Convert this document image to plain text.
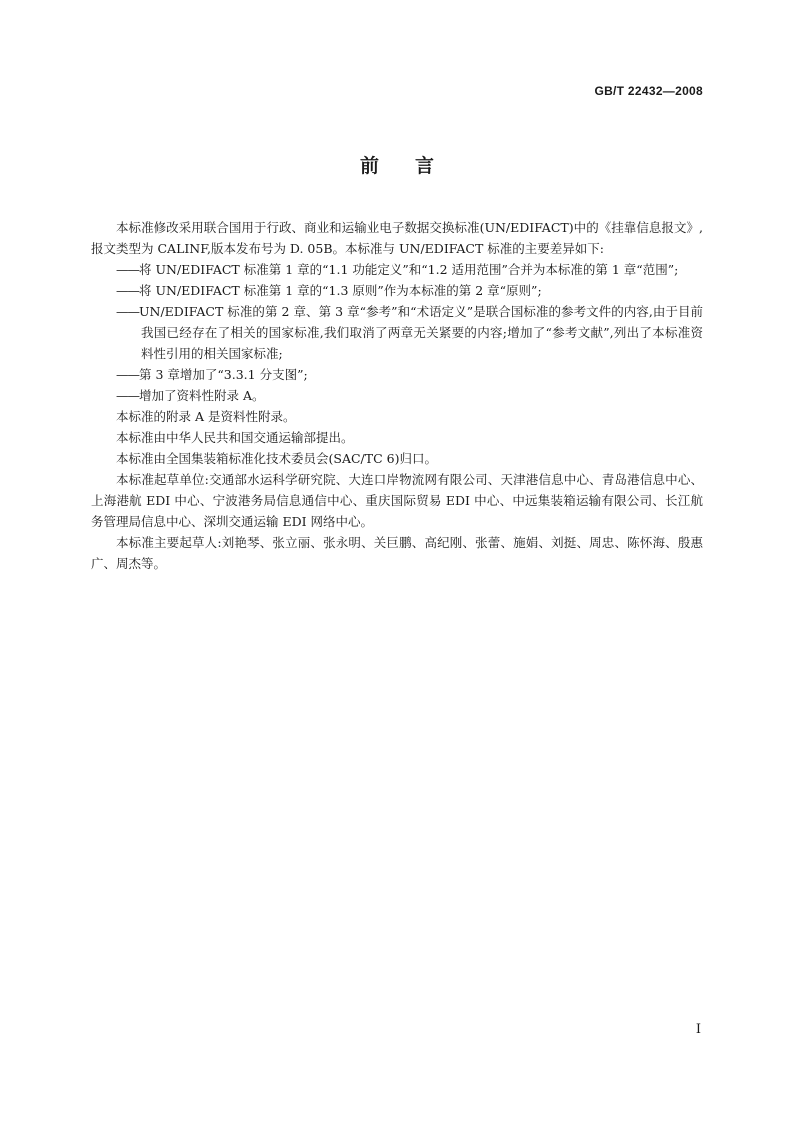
GB/T 22432—2008
前言

本标准修改采用联合国用于行政、商业和运输业电子数据交换标准(UN/EDIFACT)中的《挂靠信息报文》,报文类型为 CALINF,版本发布号为 D. 05B。本标准与 UN/EDIFACT 标准的主要差异如下:

——将 UN/EDIFACT 标准第 1 章的“1.1 功能定义”和“1.2 适用范围”合并为本标准的第 1 章“范围”;

——将 UN/EDIFACT 标准第 1 章的“1.3 原则”作为本标准的第 2 章“原则”;

——UN/EDIFACT 标准的第 2 章、第 3 章“参考”和“术语定义”是联合国标准的参考文件的内容,由于目前我国已经存在了相关的国家标准,我们取消了两章无关紧要的内容;增加了“参考文献”,列出了本标准资料性引用的相关国家标准;

——第 3 章增加了“3.3.1 分支图”;

——增加了资料性附录 A。

本标准的附录 A 是资料性附录。

本标准由中华人民共和国交通运输部提出。

本标准由全国集装箱标准化技术委员会(SAC/TC 6)归口。

本标准起草单位:交通部水运科学研究院、大连口岸物流网有限公司、天津港信息中心、青岛港信息中心、上海港航 EDI 中心、宁波港务局信息通信中心、重庆国际贸易 EDI 中心、中远集装箱运输有限公司、长江航务管理局信息中心、深圳交通运输 EDI 网络中心。

本标准主要起草人:刘艳琴、张立丽、张永明、关巨鹏、高纪刚、张蕾、施娟、刘挺、周忠、陈怀海、殷惠广、周杰等。

I
